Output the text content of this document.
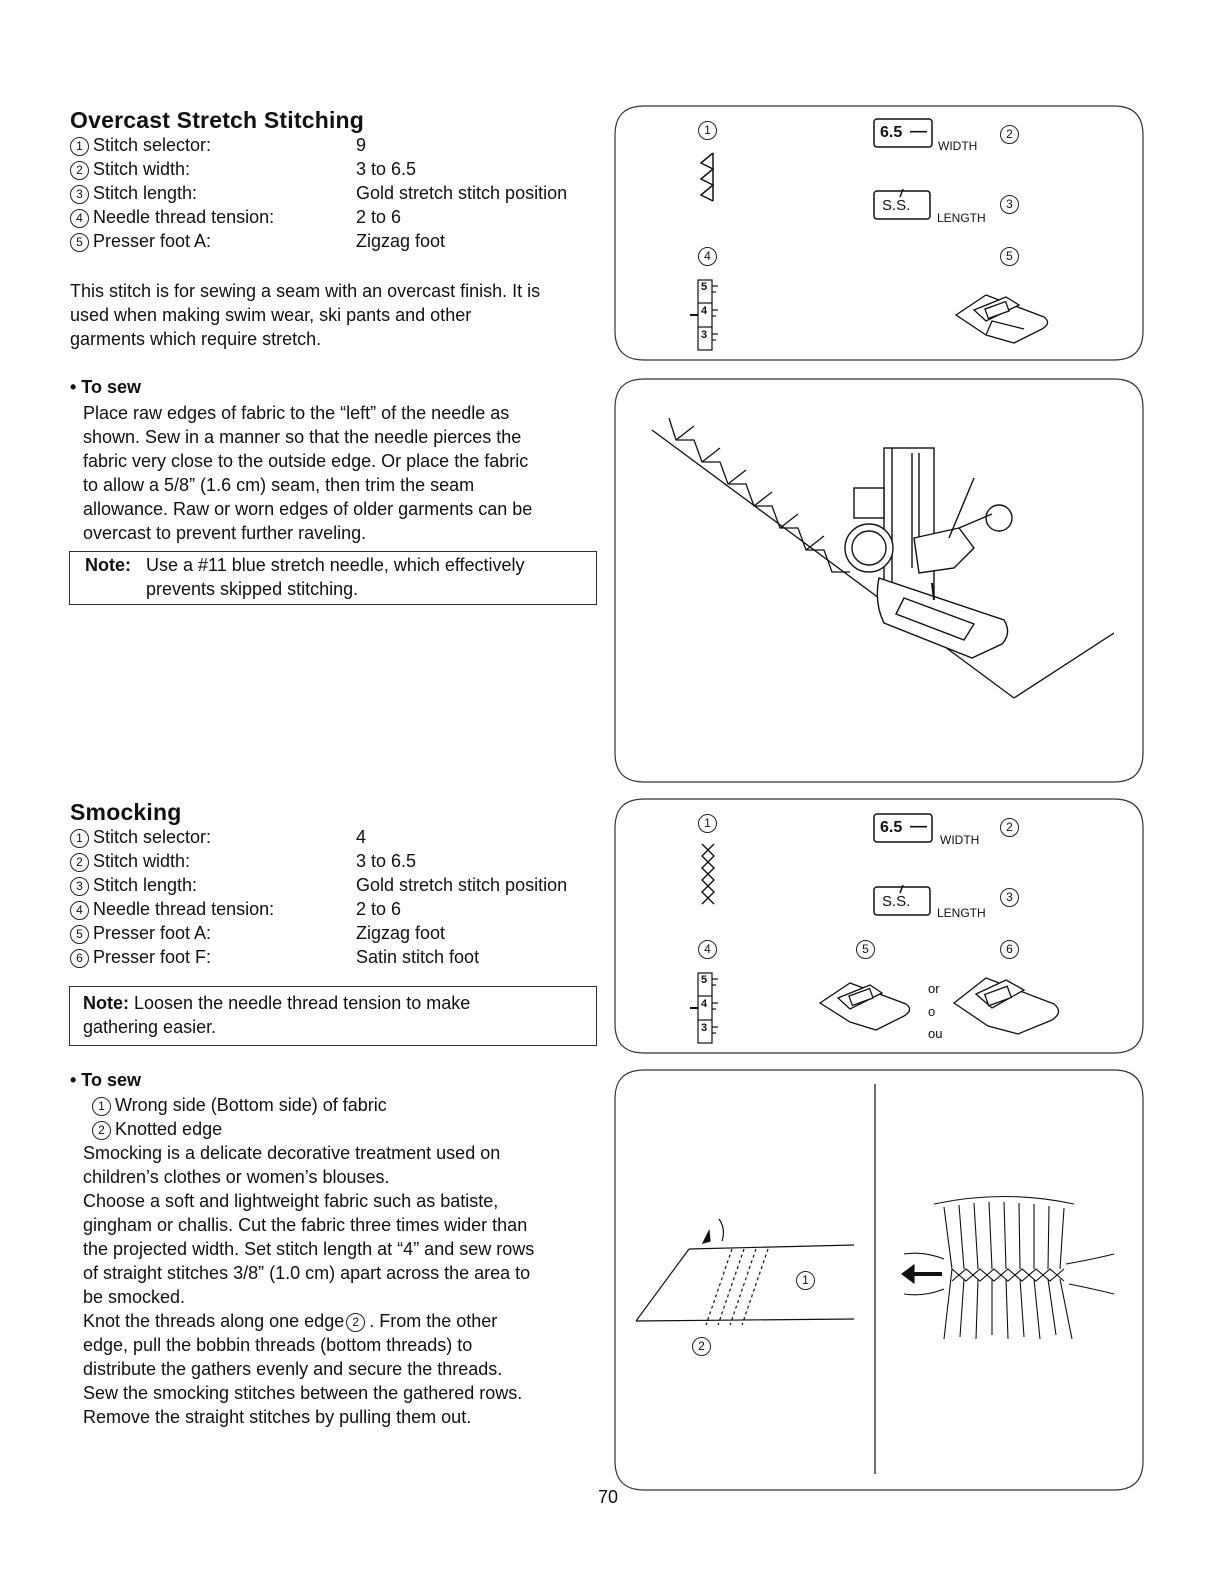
Overcast Stretch Stitching
1 Stitch selector:	9
2 Stitch width:	3 to 6.5
3 Stitch length:	Gold stretch stitch position
4 Needle thread tension:	2 to 6
5 Presser foot A:	Zigzag foot
This stitch is for sewing a seam with an overcast finish. It is
used when making swim wear, ski pants and other
garments which require stretch.
• To sew
Place raw edges of fabric to the “left” of the needle as
shown. Sew in a manner so that the needle pierces the
fabric very close to the outside edge. Or place the fabric
to allow a 5/8” (1.6 cm) seam, then trim the seam
allowance. Raw or worn edges of older garments can be
overcast to prevent further raveling.
Note: Use a #11 blue stretch needle, which effectively
prevents skipped stitching.
1	2
3
4	5
6.5 —
WIDTH
S.S.
LENGTH
5
4
3
Smocking
1 Stitch selector:	4
2 Stitch width:	3 to 6.5
3 Stitch length:	Gold stretch stitch position
4 Needle thread tension:	2 to 6
5 Presser foot A:	Zigzag foot
6 Presser foot F:	Satin stitch foot
Note: Loosen the needle thread tension to make
gathering easier.
• To sew
1 Wrong side (Bottom side) of fabric
2 Knotted edge
Smocking is a delicate decorative treatment used on
children’s clothes or women’s blouses.
Choose a soft and lightweight fabric such as batiste,
gingham or challis. Cut the fabric three times wider than
the projected width. Set stitch length at “4” and sew rows
of straight stitches 3/8” (1.0 cm) apart across the area to
be smocked.
Knot the threads along one edge 2 . From the other
edge, pull the bobbin threads (bottom threads) to
distribute the gathers evenly and secure the threads.
Sew the smocking stitches between the gathered rows.
Remove the straight stitches by pulling them out.
1	2
3
4	5	6
6.5 —
WIDTH
S.S.
LENGTH
5
4
3
or
o
ou
1
2
70
